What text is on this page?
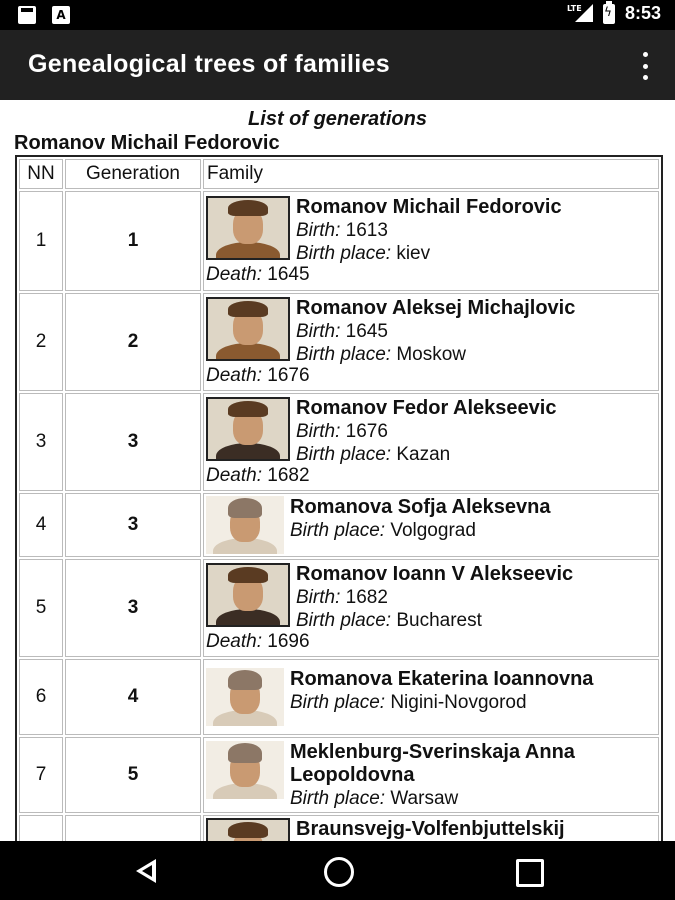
A	LTE ϟ 8:53
Genealogical trees of families
List of generations
Romanov Michail Fedorovic
NN	Generation	Family
1	1	Romanov Michail Fedorovic
Birth: 1613
Birth place: kiev
Death: 1645

2	2	Romanov Aleksej Michajlovic
Birth: 1645
Birth place: Moskow
Death: 1676

3	3	Romanov Fedor Alekseevic
Birth: 1676
Birth place: Kazan
Death: 1682

4	3	Romanova Sofja Aleksevna
Birth place: Volgograd

5	3	Romanov Ioann V Alekseevic
Birth: 1682
Birth place: Bucharest
Death: 1696

6	4	Romanova Ekaterina Ioannovna
Birth place: Nigini-Novgorod

7	5	Meklenburg-Sverinskaja Anna Leopoldovna
Birth place: Warsaw

		Braunsvejg-Volfenbjuttelskij
